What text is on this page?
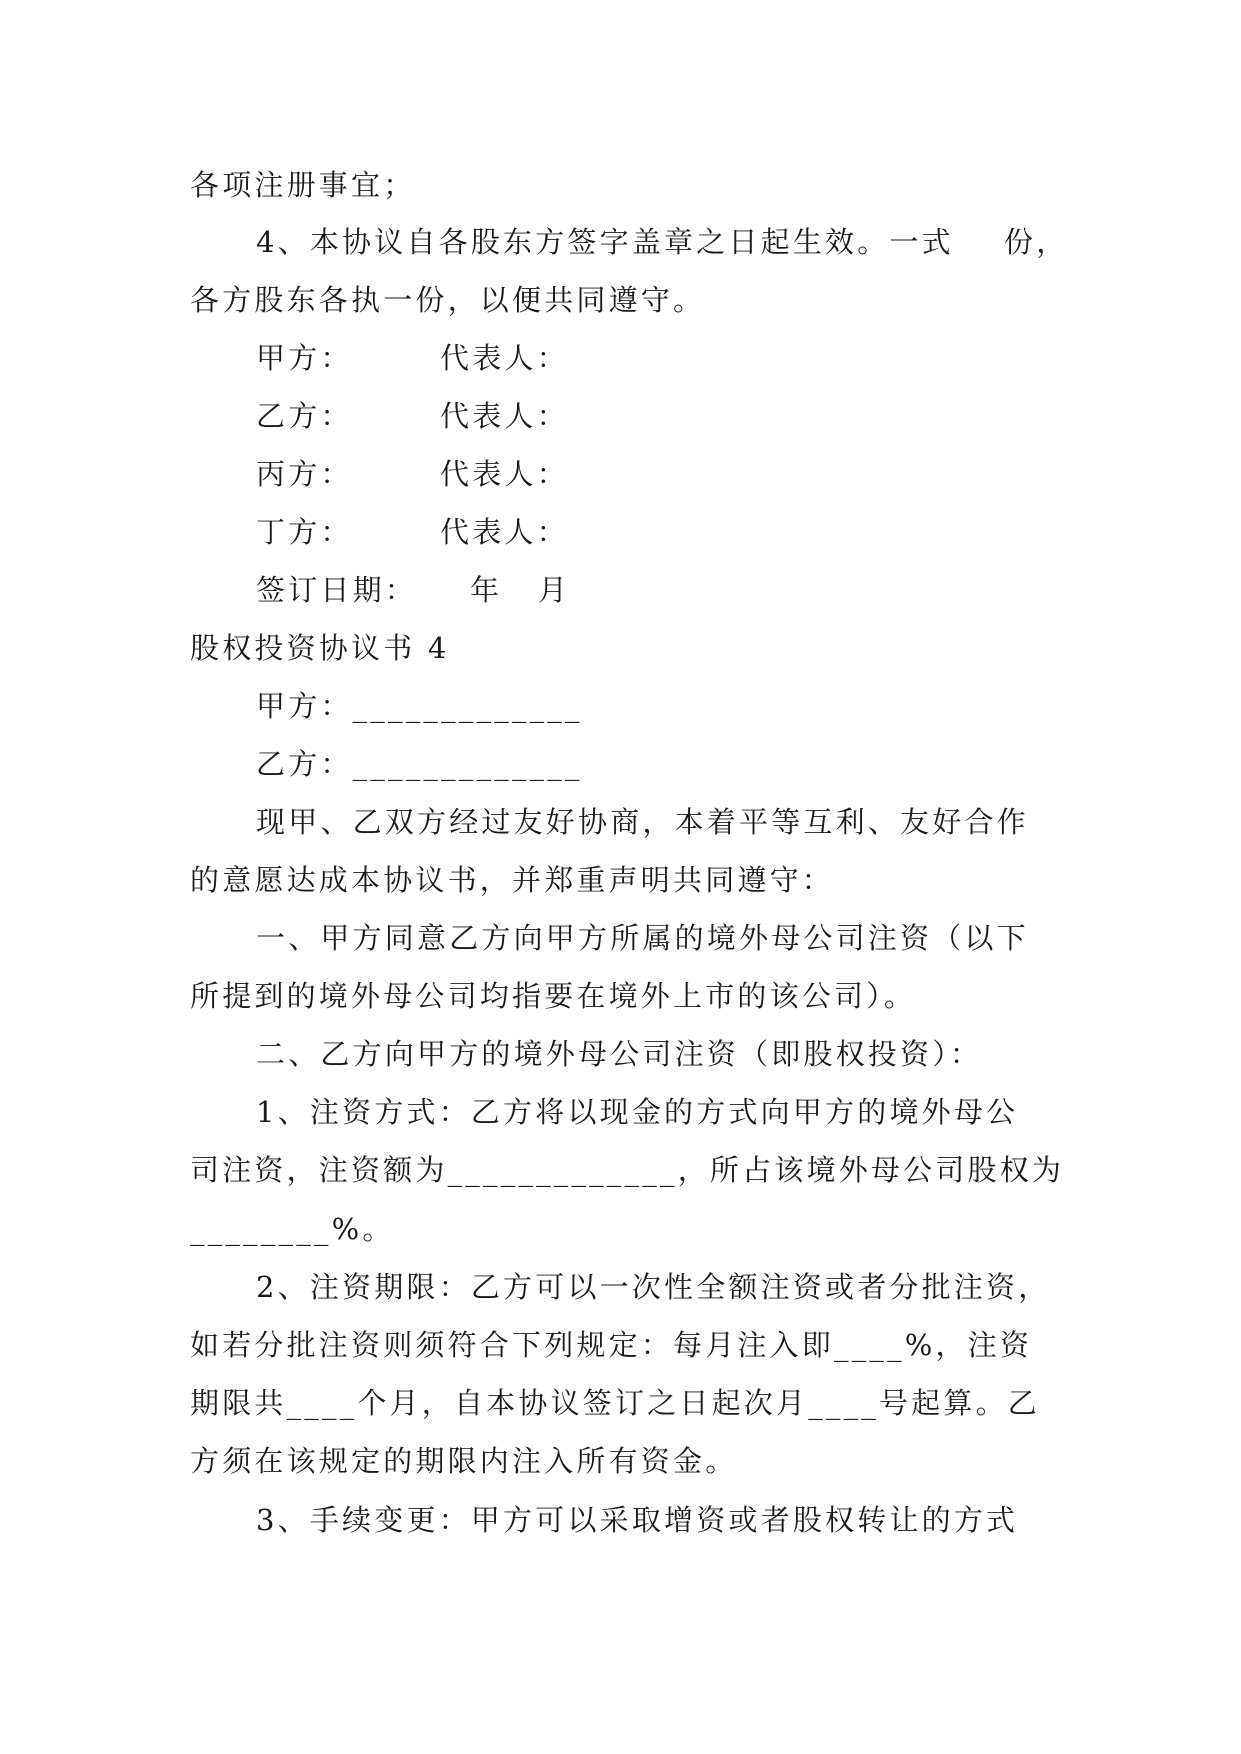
各项注册事宜；
4、本协议自各股东方签字盖章之日起生效。一式 份，
各方股东各执一份，以便共同遵守。
甲方：	代表人：
乙方：	代表人：
丙方：	代表人：
丁方：	代表人：
签订日期： 年 月
股权投资协议书 4
甲方：_____________
乙方：_____________
现甲、乙双方经过友好协商，本着平等互利、友好合作
的意愿达成本协议书，并郑重声明共同遵守：
一、甲方同意乙方向甲方所属的境外母公司注资（以下
所提到的境外母公司均指要在境外上市的该公司）。
二、乙方向甲方的境外母公司注资（即股权投资）：
1、注资方式：乙方将以现金的方式向甲方的境外母公
司注资，注资额为_____________，所占该境外母公司股权为
________%。
2、注资期限：乙方可以一次性全额注资或者分批注资，
如若分批注资则须符合下列规定：每月注入即____%，注资
期限共____个月，自本协议签订之日起次月____号起算。乙
方须在该规定的期限内注入所有资金。
3、手续变更：甲方可以采取增资或者股权转让的方式
